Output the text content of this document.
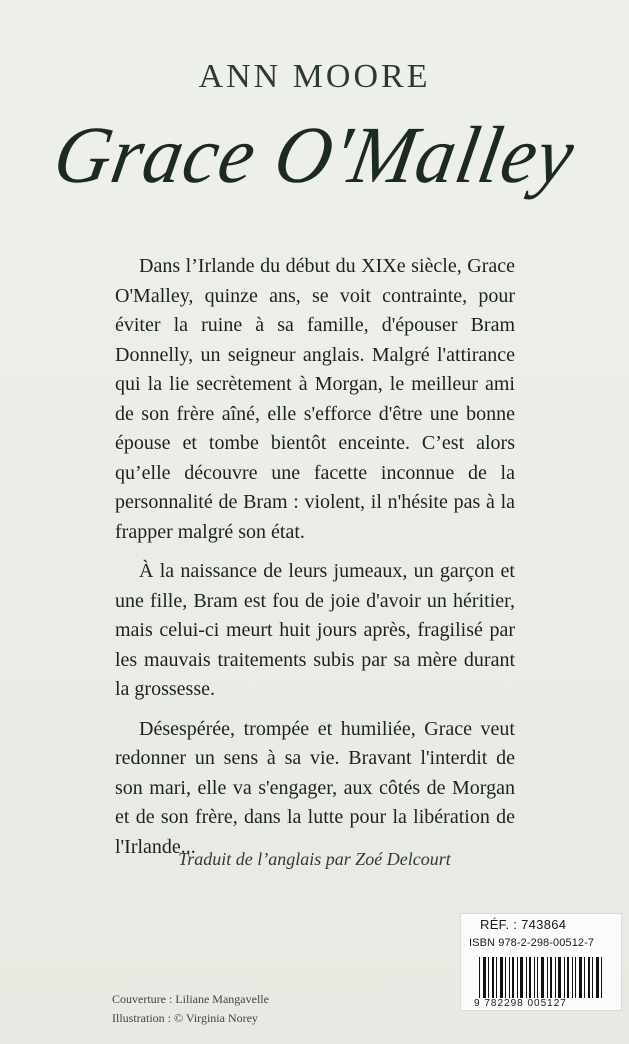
ANN MOORE
Grace O'Malley

Dans l’Irlande du début du XIXe siècle, Grace O'Malley, quinze ans, se voit contrainte, pour éviter la ruine à sa famille, d'épouser Bram Donnelly, un seigneur anglais. Malgré l'attirance qui la lie secrètement à Morgan, le meilleur ami de son frère aîné, elle s'efforce d'être une bonne épouse et tombe bientôt enceinte. C’est alors qu’elle découvre une facette inconnue de la personnalité de Bram : violent, il n'hésite pas à la frapper malgré son état.

À la naissance de leurs jumeaux, un garçon et une fille, Bram est fou de joie d'avoir un héritier, mais celui-ci meurt huit jours après, fragilisé par les mauvais traitements subis par sa mère durant la grossesse.

Désespérée, trompée et humiliée, Grace veut redonner un sens à sa vie. Bravant l'interdit de son mari, elle va s'engager, aux côtés de Morgan et de son frère, dans la lutte pour la libération de l'Irlande...

Traduit de l’anglais par Zoé Delcourt
Couverture : Liliane Mangavelle
Illustration : © Virginia Norey
RÉF. : 743864
ISBN 978-2-298-00512-7
9 782298 005127
